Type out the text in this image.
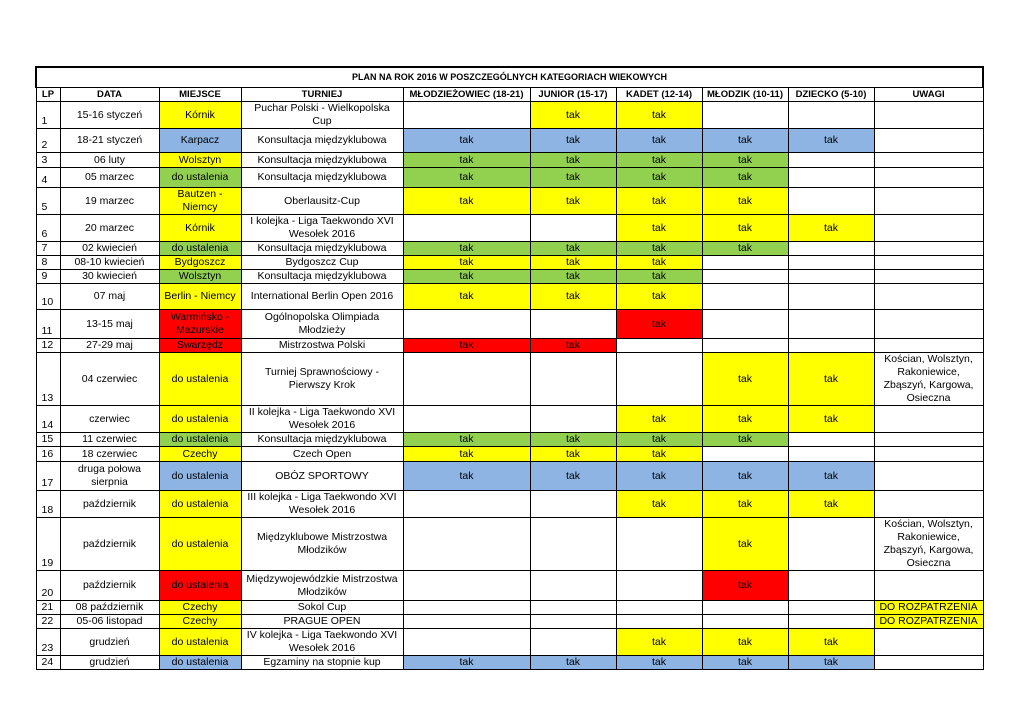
PLAN NA ROK 2016 W POSZCZEGÓLNYCH KATEGORIACH WIEKOWYCH									
LP	DATA	MIEJSCE	TURNIEJ	MŁODZIEŻOWIEC (18-21)	JUNIOR (15-17)	KADET (12-14)	MŁODZIK (10-11)	DZIECKO (5-10)	UWAGI
1	15-16 styczeń	Kórnik	Puchar Polski - Wielkopolska Cup		tak	tak			
2	18-21 styczeń	Karpacz	Konsultacja międzyklubowa	tak	tak	tak	tak	tak	
3	06 luty	Wolsztyn	Konsultacja międzyklubowa	tak	tak	tak	tak		
4	05 marzec	do ustalenia	Konsultacja międzyklubowa	tak	tak	tak	tak		
5	19 marzec	Bautzen - Niemcy	Oberlausitz-Cup	tak	tak	tak	tak		
6	20 marzec	Kórnik	I kolejka - Liga Taekwondo XVI Wesołek 2016			tak	tak	tak	
7	02 kwiecień	do ustalenia	Konsultacja międzyklubowa	tak	tak	tak	tak		
8	08-10 kwiecień	Bydgoszcz	Bydgoszcz Cup	tak	tak	tak			
9	30 kwiecień	Wolsztyn	Konsultacja międzyklubowa	tak	tak	tak			
10	07 maj	Berlin - Niemcy	International Berlin Open 2016	tak	tak	tak			
11	13-15 maj	Warmińsko - Mazurskie	Ogólnopolska Olimpiada Młodzieży			tak			
12	27-29 maj	Swarzędz	Mistrzostwa Polski	tak	tak				
13	04 czerwiec	do ustalenia	Turniej Sprawnościowy - Pierwszy Krok				tak	tak	Kościan, Wolsztyn, Rakoniewice, Zbąszyń, Kargowa, Osieczna
14	czerwiec	do ustalenia	II kolejka - Liga Taekwondo XVI Wesołek 2016			tak	tak	tak	
15	11 czerwiec	do ustalenia	Konsultacja międzyklubowa	tak	tak	tak	tak		
16	18 czerwiec	Czechy	Czech Open	tak	tak	tak			
17	druga połowa sierpnia	do ustalenia	OBÓZ SPORTOWY	tak	tak	tak	tak	tak	
18	październik	do ustalenia	III kolejka - Liga Taekwondo XVI Wesołek 2016			tak	tak	tak	
19	październik	do ustalenia	Międzyklubowe Mistrzostwa Młodzików				tak		Kościan, Wolsztyn, Rakoniewice, Zbąszyń, Kargowa, Osieczna
20	październik	do ustalenia	Międzywojewódzkie Mistrzostwa Młodzików				tak		
21	08 październik	Czechy	Sokol Cup						DO ROZPATRZENIA
22	05-06 listopad	Czechy	PRAGUE OPEN						DO ROZPATRZENIA
23	grudzień	do ustalenia	IV kolejka - Liga Taekwondo XVI Wesołek 2016			tak	tak	tak	
24	grudzień	do ustalenia	Egzaminy na stopnie kup	tak	tak	tak	tak	tak	
